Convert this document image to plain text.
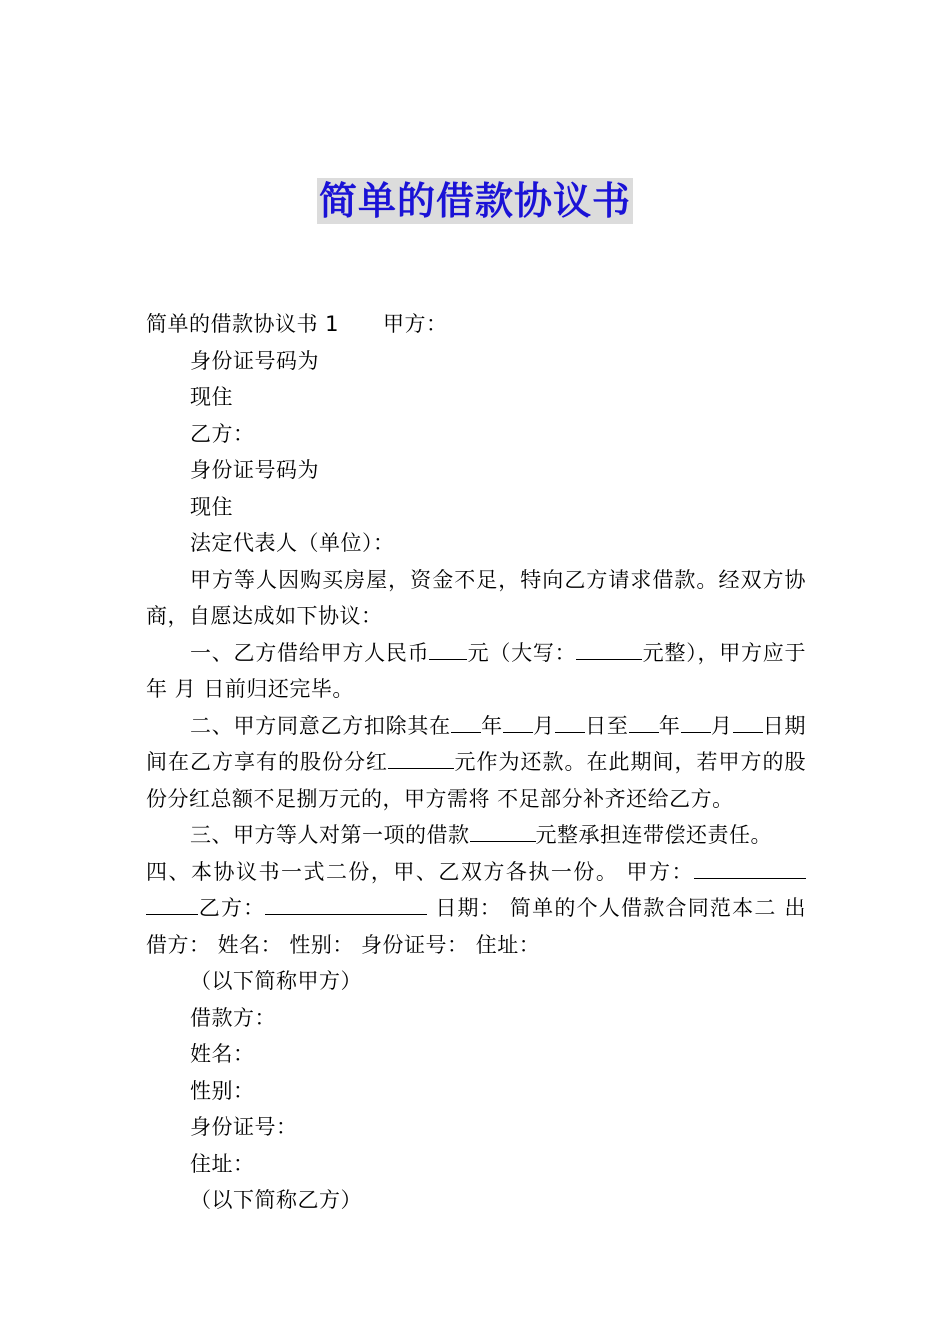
简单的借款协议书
简单的借款协议书 1 甲方：
身份证号码为
现住
乙方：
身份证号码为
现住
法定代表人（单位）：
甲方等人因购买房屋，资金不足，特向乙方请求借款。经双方协商，自愿达成如下协议：
一、乙方借给甲方人民币 元（大写：	元整），甲方应于年 月 日前归还完毕。
二、甲方同意乙方扣除其在 年 月 日至 年 月 日期间在乙方享有的股份分红	元作为还款。在此期间，若甲方的股份分红总额不足捌万元的，甲方需将 不足部分补齐还给乙方。
三、甲方等人对第一项的借款	元整承担连带偿还责任。
四、本协议书一式二份，甲、乙双方各执一份。 甲方：乙方：	日期： 简单的个人借款合同范本二 出借方： 姓名： 性别： 身份证号： 住址：
（以下简称甲方）
借款方：
姓名：
性别：
身份证号：
住址：
（以下简称乙方）
